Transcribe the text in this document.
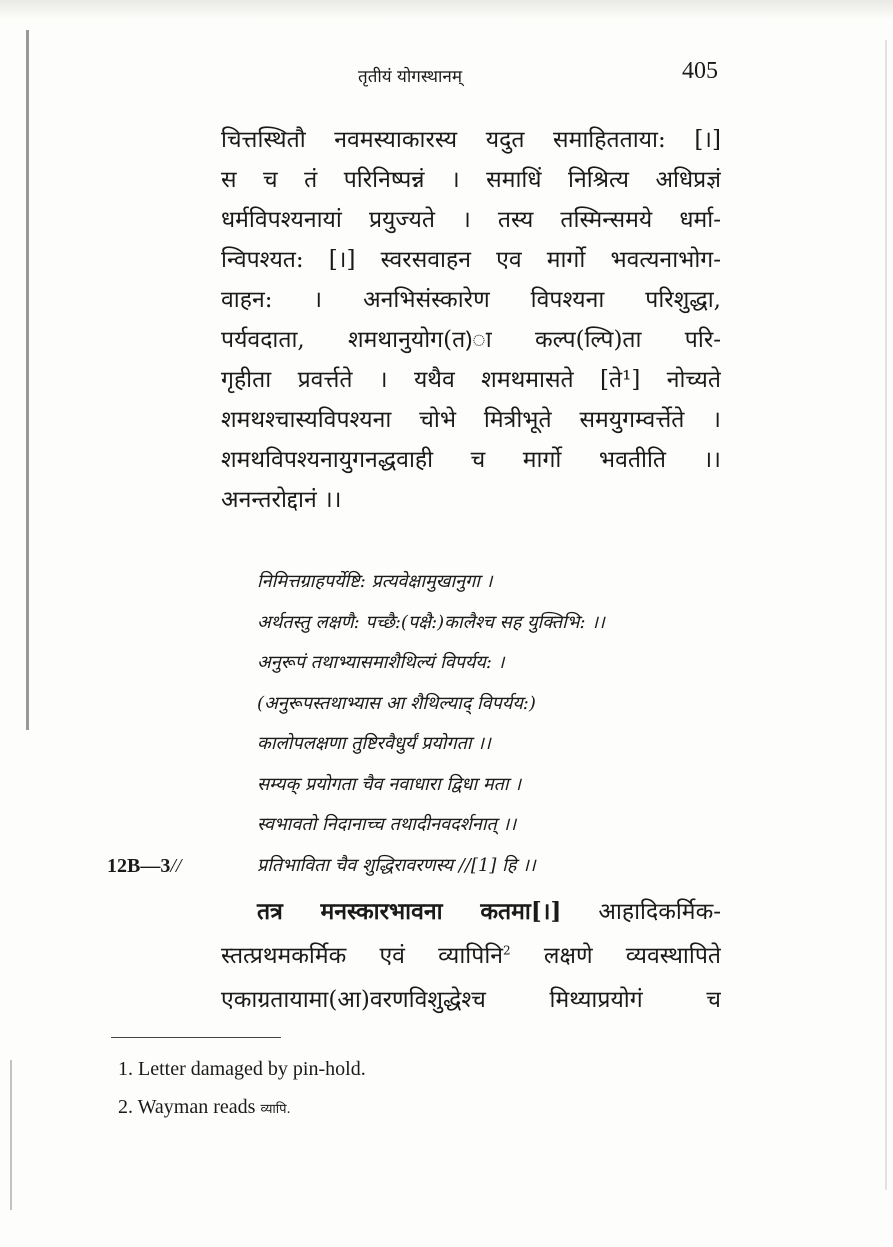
तृतीयं योगस्थानम्	405
चित्तस्थितौ नवमस्याकारस्य यदुत समाहितताया: [।]
स च तं परिनिष्पन्नं । समाधिं निश्रित्य अधिप्रज्ञं
धर्मविपश्यनायां प्रयुज्यते । तस्य तस्मिन्समये धर्मा-
न्विपश्यत: [।] स्वरसवाहन एव मार्गो भवत्यनाभोग-
वाहन: । अनभिसंस्कारेण विपश्यना परिशुद्धा,
पर्यवदाता, शमथानुयोग(त)ा कल्प(ल्पि)ता परि-
गृहीता प्रवर्त्तते । यथैव शमथमासते [ते¹] नोच्यते
शमथश्चास्यविपश्यना चोभे मित्रीभूते समयुगम्वर्त्तेते ।
शमथविपश्यनायुगनद्धवाही च मार्गो भवतीति ।।
अनन्तरोद्दानं ।।
निमित्तग्राहपर्येष्टि: प्रत्यवेक्षामुखानुगा ।
अर्थतस्तु लक्षणै: पच्छै:(पक्षै:)कालैश्च सह युक्तिभि: ।।
अनुरूपं तथाभ्यासमाशैथिल्यं विपर्यय: ।
(अनुरूपस्तथाभ्यास आ शैथिल्याद् विपर्यय:)
कालोपलक्षणा तुष्टिरवैधुर्यं प्रयोगता ।।
सम्यक् प्रयोगता चैव नवाधारा द्विधा मता ।
स्वभावतो निदानाच्च तथादीनवदर्शनात् ।।
प्रतिभाविता चैव शुद्धिरावरणस्य //[1] हि ।।
12B—3//
तत्र मनस्कारभावना कतमा[।] आहादिकर्मिक-
स्तत्प्रथमकर्मिक एवं व्यापिनि$^2$ लक्षणे व्यवस्थापिते
एकाग्रतायामा(आ)वरणविशुद्धेश्च मिथ्याप्रयोगं च
1. Letter damaged by pin-hold.
2. Wayman reads व्यापि.
